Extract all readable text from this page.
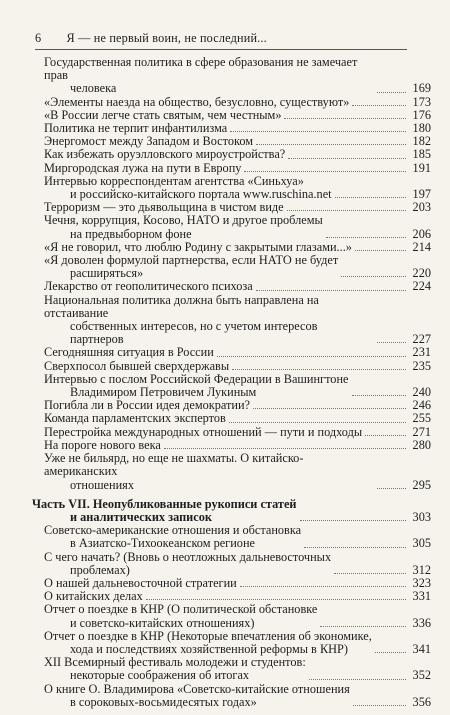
6 Я — не первый воин, не последний...
Государственная политика в сфере образования не замечает прав
человека	169
«Элементы наезда на общество, безусловно, существуют»	173
«В России легче стать святым, чем честным»	176
Политика не терпит инфантилизма	180
Энергомост между Западом и Востоком	182
Как избежать оруэлловского мироустройства?	185
Миргородская лужа на пути в Европу	191
Интервью корреспондентам агентства «Синьхуа»
и российско-китайского портала www.ruschina.net	197
Терроризм — это дьявольщина в чистом виде	203
Чечня, коррупция, Косово, НАТО и другое проблемы
на предвыборном фоне	206
«Я не говорил, что люблю Родину с закрытыми глазами...»	214
«Я доволен формулой партнерства, если НАТО не будет
расширяться»	220
Лекарство от геополитического психоза	224
Национальная политика должна быть направлена на отстаивание
собственных интересов, но с учетом интересов партнеров	227
Сегодняшняя ситуация в России	231
Сверхпосол бывшей сверхдержавы	235
Интервью с послом Российской Федерации в Вашингтоне
Владимиром Петровичем Лукиным	240
Погибла ли в России идея демократии?	246
Команда парламентских экспертов	255
Перестройка международных отношений — пути и подходы	271
На пороге нового века	280
Уже не бильярд, но еще не шахматы. О китайско-американских
отношениях	295
Часть VII. Неопубликованные рукописи статей
и аналитических записок	303
Советско-американские отношения и обстановка
в Азиатско-Тихоокеанском регионе	305
С чего начать? (Вновь о неотложных дальневосточных
проблемах)	312
О нашей дальневосточной стратегии	323
О китайских делах	331
Отчет о поездке в КНР (О политической обстановке
и советско-китайских отношениях)	336
Отчет о поездке в КНР (Некоторые впечатления об экономике,
хода и последствиях хозяйственной реформы в КНР)	341
XII Всемирный фестиваль молодежи и студентов:
некоторые соображения об итогах	352
О книге О. Владимирова «Советско-китайские отношения
в сороковых-восьмидесятых годах»	356
